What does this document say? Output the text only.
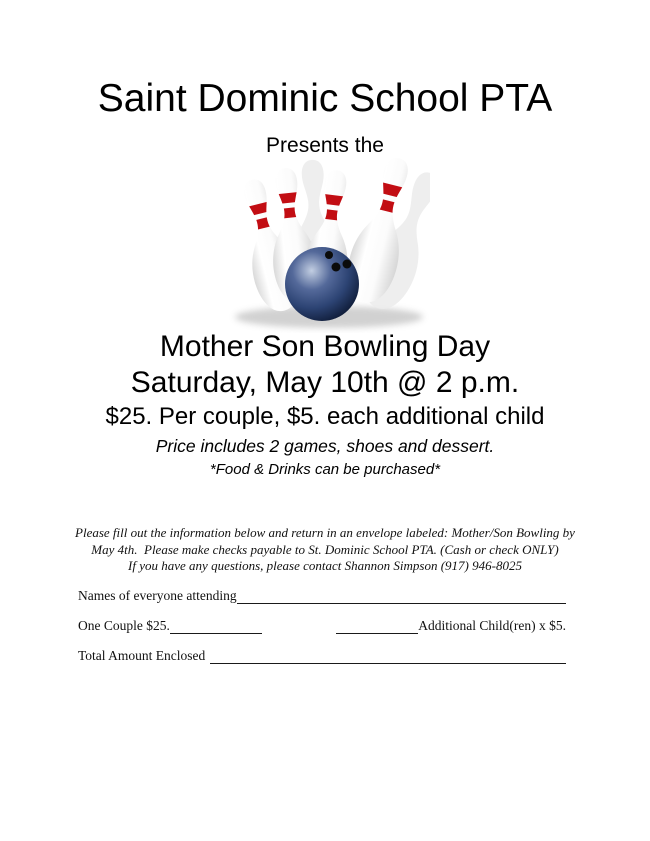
Saint Dominic School PTA
Presents the
Mother Son Bowling Day
Saturday, May 10th @ 2 p.m.
$25. Per couple, $5. each additional child
Price includes 2 games, shoes and dessert.
*Food & Drinks can be purchased*
Please fill out the information below and return in an envelope labeled: Mother/Son Bowling by
May 4th.  Please make checks payable to St. Dominic School PTA. (Cash or check ONLY)
If you have any questions, please contact Shannon Simpson (917) 946-8025
Names of everyone attending
One Couple $25.	Additional Child(ren) x $5.
Total Amount Enclosed
